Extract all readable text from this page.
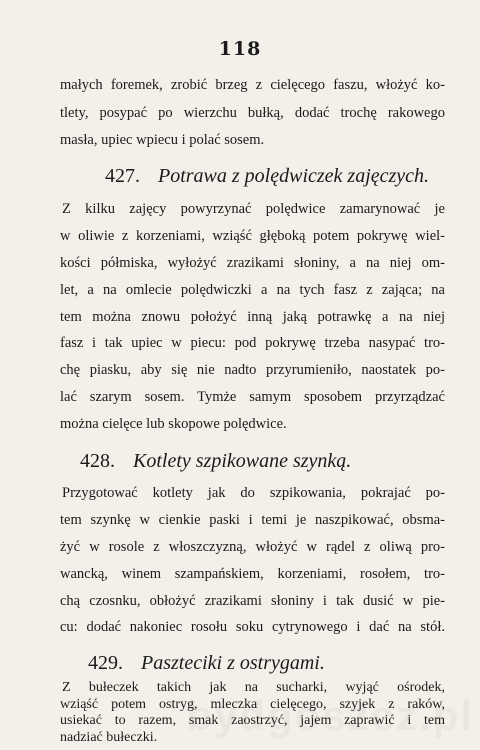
118
małych foremek, zrobić brzeg z cielęcego faszu, włożyć ko-
tlety, posypać po wierzchu bułką, dodać trochę rakowego
masła, upiec wpiecu i polać sosem.
427. Potrawa z polędwiczek zajęczych.
Z kilku zajęcy powyrzynać polędwice zamarynować je
w oliwie z korzeniami, wziąść głęboką potem pokrywę wiel-
kości półmiska, wyłożyć zrazikami słoniny, a na niej om-
let, a na omlecie polędwiczki a na tych fasz z zająca; na
tem można znowu położyć inną jaką potrawkę a na niej
fasz i tak upiec w piecu: pod pokrywę trzeba nasypać tro-
chę piasku, aby się nie nadto przyrumieniło, naostatek po-
lać szarym sosem. Tymże samym sposobem przyrządzać
można cielęce lub skopowe polędwice.
428. Kotlety szpikowane szynką.
Przygotować kotlety jak do szpikowania, pokrajać po-
tem szynkę w cienkie paski i temi je naszpikować, obsma-
żyć w rosole z włoszczyzną, włożyć w rądel z oliwą pro-
wancką, winem szampańskiem, korzeniami, rosołem, tro-
chą czosnku, obłożyć zrazikami słoniny i tak dusić w pie-
cu: dodać nakoniec rosołu soku cytrynowego i dać na stół.
429. Paszteciki z ostrygami.
Z bułeczek takich jak na sucharki, wyjąć ośrodek,
wziąść potem ostryg, mleczka cielęcego, szyjek z raków,
usiekać to razem, smak zaostrzyć, jajem zaprawić i tem
nadziać bułeczki.
